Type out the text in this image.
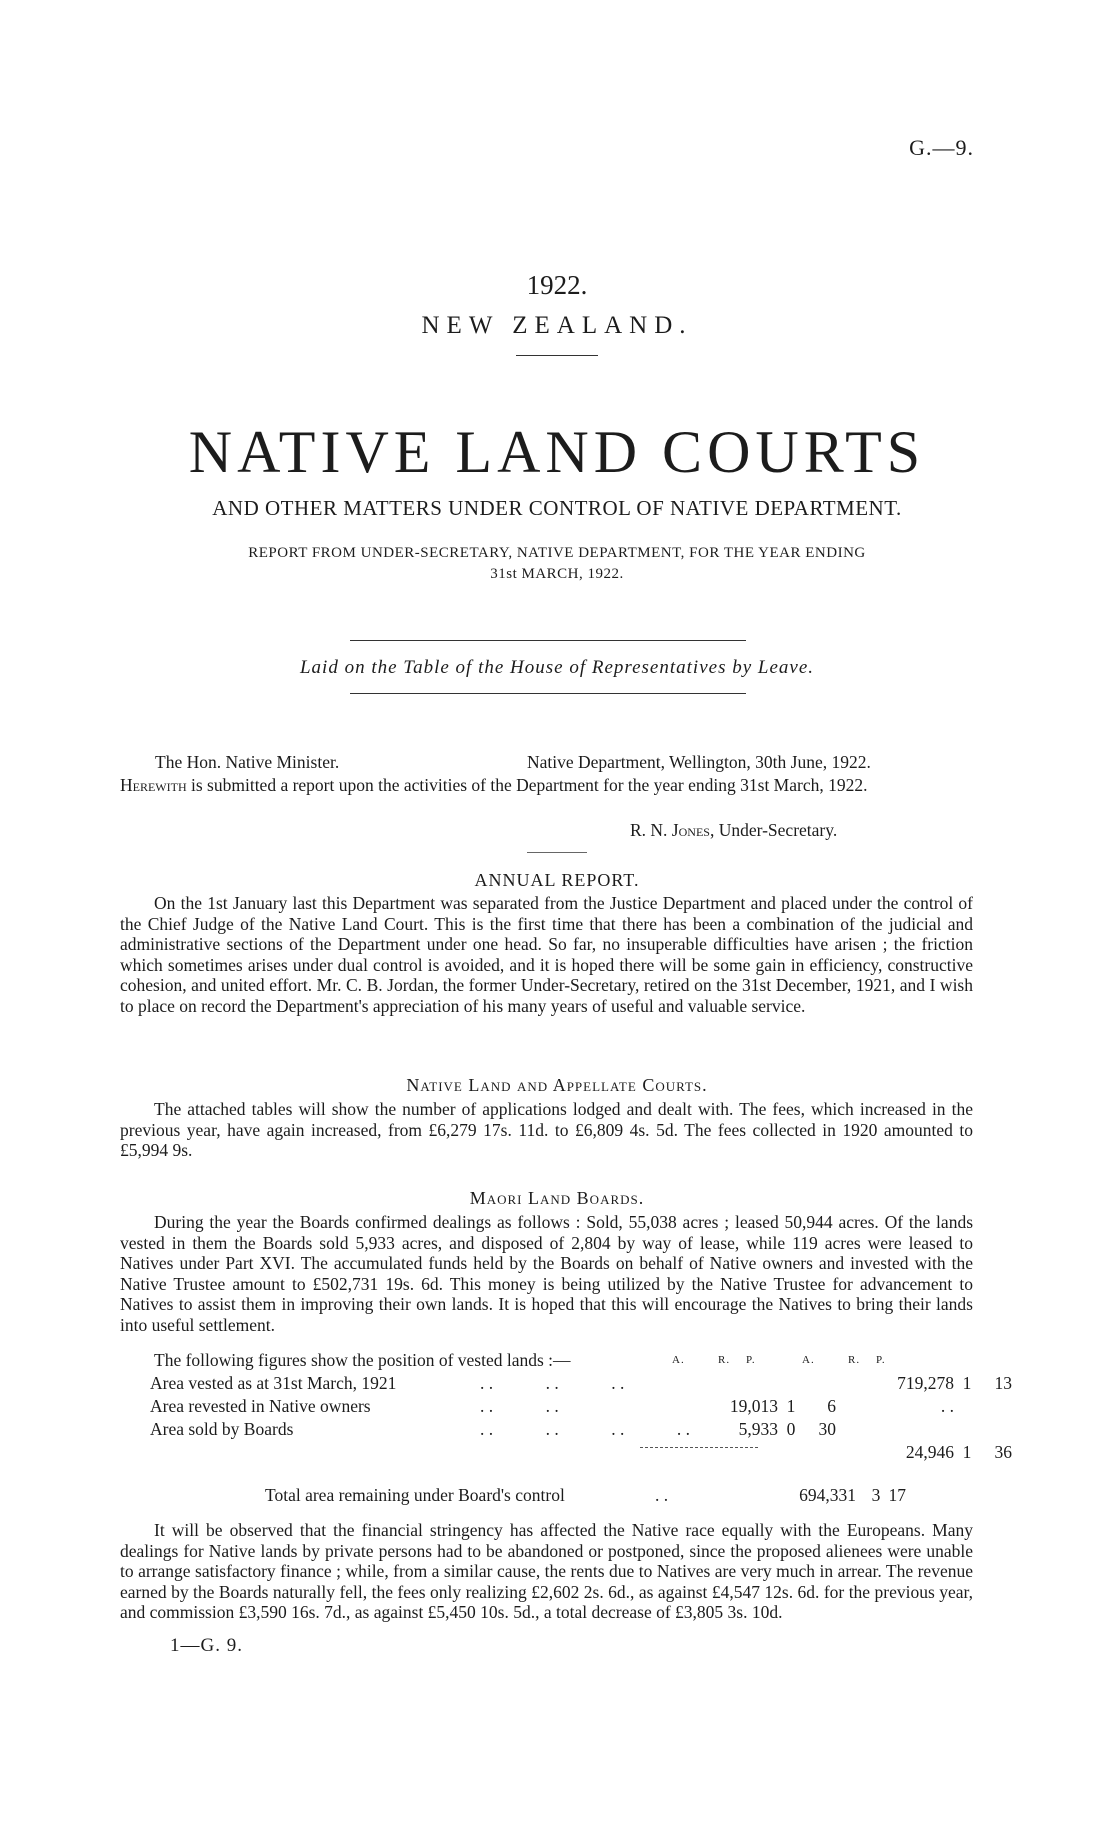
G.—9.
1922.
NEW ZEALAND.
NATIVE LAND COURTS
AND OTHER MATTERS UNDER CONTROL OF NATIVE DEPARTMENT.
REPORT FROM UNDER-SECRETARY, NATIVE DEPARTMENT, FOR THE YEAR ENDING
31st MARCH, 1922.
Laid on the Table of the House of Representatives by Leave.
The Hon. Native Minister.	Native Department, Wellington, 30th June, 1922.
Herewith is submitted a report upon the activities of the Department for the year ending 31st March, 1922.
R. N. Jones, Under-Secretary.
ANNUAL REPORT.
On the 1st January last this Department was separated from the Justice Department and placed under the control of the Chief Judge of the Native Land Court. This is the first time that there has been a combination of the judicial and administrative sections of the Department under one head. So far, no insuperable difficulties have arisen ; the friction which sometimes arises under dual control is avoided, and it is hoped there will be some gain in efficiency, constructive cohesion, and united effort. Mr. C. B. Jordan, the former Under-Secretary, retired on the 31st December, 1921, and I wish to place on record the Department's appreciation of his many years of useful and valuable service.
Native Land and Appellate Courts.
The attached tables will show the number of applications lodged and dealt with. The fees, which increased in the previous year, have again increased, from £6,279 17s. 11d. to £6,809 4s. 5d. The fees collected in 1920 amounted to £5,994 9s.
Maori Land Boards.
During the year the Boards confirmed dealings as follows : Sold, 55,038 acres ; leased 50,944 acres. Of the lands vested in them the Boards sold 5,933 acres, and disposed of 2,804 by way of lease, while 119 acres were leased to Natives under Part XVI. The accumulated funds held by the Boards on behalf of Native owners and invested with the Native Trustee amount to £502,731 19s. 6d. This money is being utilized by the Native Trustee for advancement to Natives to assist them in improving their own lands. It is hoped that this will encourage the Natives to bring their lands into useful settlement.
The following figures show the position of vested lands :—	A.	R. P.	A.	R. P.
Area vested as at 31st March, 1921	. .            . .            . .				719,278	1	13
Area revested in Native owners	. .            . .	19,013	1	6	. .		
Area sold by Boards	. .            . .            . .            . .	5,933	0	30			
					24,946	1	36
Total area remaining under Board's control	. .	694,331 3 17
It will be observed that the financial stringency has affected the Native race equally with the Europeans. Many dealings for Native lands by private persons had to be abandoned or postponed, since the proposed alienees were unable to arrange satisfactory finance ; while, from a similar cause, the rents due to Natives are very much in arrear. The revenue earned by the Boards naturally fell, the fees only realizing £2,602 2s. 6d., as against £4,547 12s. 6d. for the previous year, and commission £3,590 16s. 7d., as against £5,450 10s. 5d., a total decrease of £3,805 3s. 10d.
1—G. 9.
